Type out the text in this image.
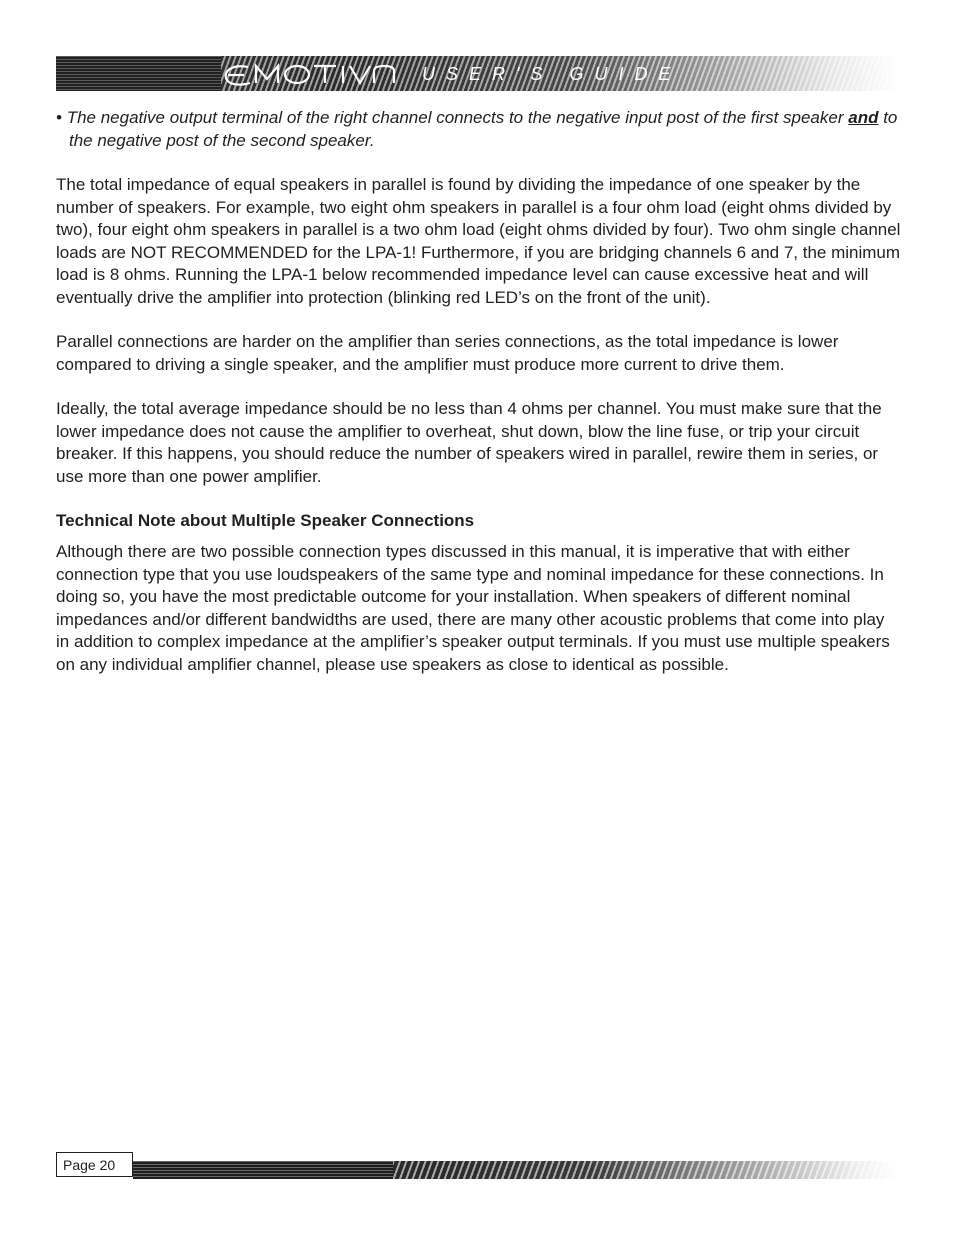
USER'S GUIDE
• The negative output terminal of the right channel connects to the negative input post of the first speaker and to the negative post of the second speaker.

The total impedance of equal speakers in parallel is found by dividing the impedance of one speaker by the number of speakers. For example, two eight ohm speakers in parallel is a four ohm load (eight ohms divided by two), four eight ohm speakers in parallel is a two ohm load (eight ohms divided by four). Two ohm single channel loads are NOT RECOMMENDED for the LPA-1! Furthermore, if you are bridging channels 6 and 7, the minimum load is 8 ohms. Running the LPA-1 below recommended impedance level can cause excessive heat and will eventually drive the amplifier into protection (blinking red LED’s on the front of the unit).

Parallel connections are harder on the amplifier than series connections, as the total impedance is lower compared to driving a single speaker, and the amplifier must produce more current to drive them.

Ideally, the total average impedance should be no less than 4 ohms per channel. You must make sure that the lower impedance does not cause the amplifier to overheat, shut down, blow the line fuse, or trip your circuit breaker. If this happens, you should reduce the number of speakers wired in parallel, rewire them in series, or use more than one power amplifier.

Technical Note about Multiple Speaker Connections

Although there are two possible connection types discussed in this manual, it is imperative that with either connection type that you use loudspeakers of the same type and nominal impedance for these connections. In doing so, you have the most predictable outcome for your installation. When speakers of different nominal impedances and/or different bandwidths are used, there are many other acoustic problems that come into play in addition to complex impedance at the amplifier’s speaker output terminals. If you must use multiple speakers on any individual amplifier channel, please use speakers as close to identical as possible.

Page 20
